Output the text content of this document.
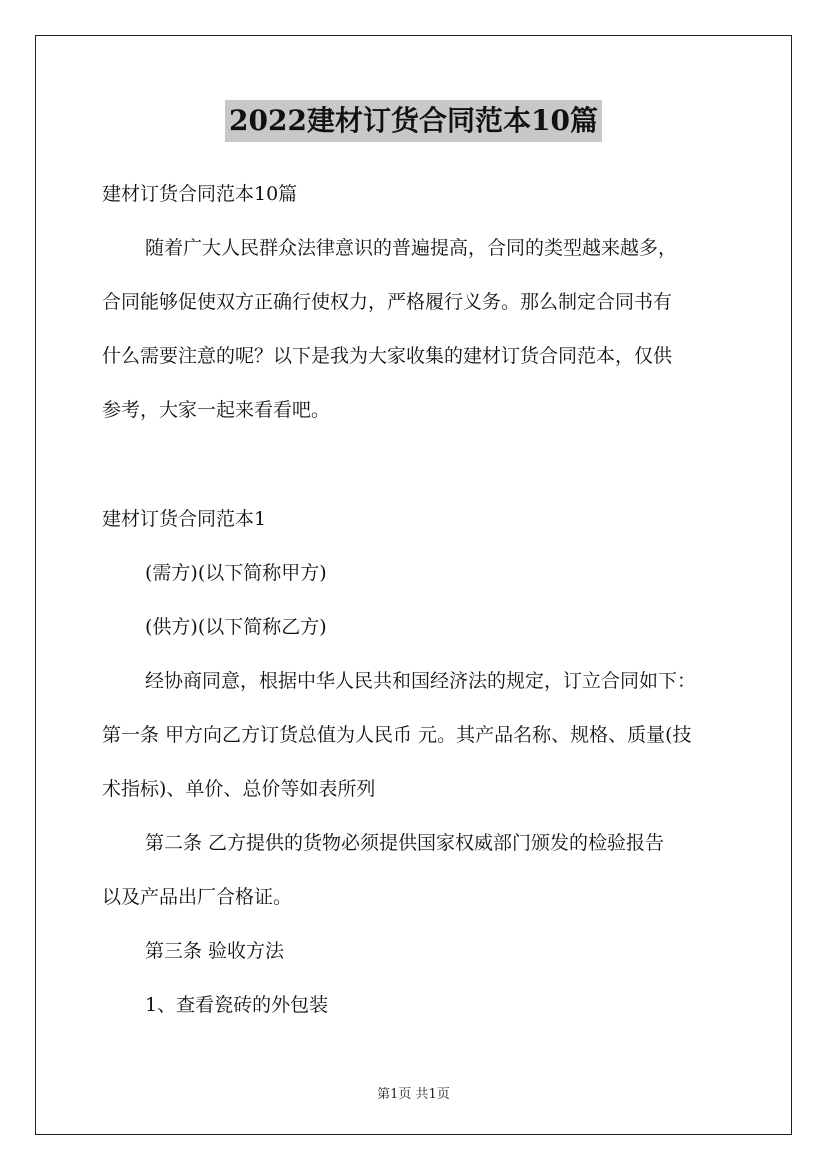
2022建材订货合同范本10篇
建材订货合同范本10篇
随着广大人民群众法律意识的普遍提高，合同的类型越来越多，
合同能够促使双方正确行使权力，严格履行义务。那么制定合同书有
什么需要注意的呢？以下是我为大家收集的建材订货合同范本，仅供
参考，大家一起来看看吧。
建材订货合同范本1
(需方)(以下简称甲方)
(供方)(以下简称乙方)
经协商同意，根据中华人民共和国经济法的规定，订立合同如下：
第一条 甲方向乙方订货总值为人民币 元。其产品名称、规格、质量(技
术指标)、单价、总价等如表所列
第二条 乙方提供的货物必须提供国家权威部门颁发的检验报告
以及产品出厂合格证。
第三条 验收方法
1、查看瓷砖的外包装
第1页 共1页
